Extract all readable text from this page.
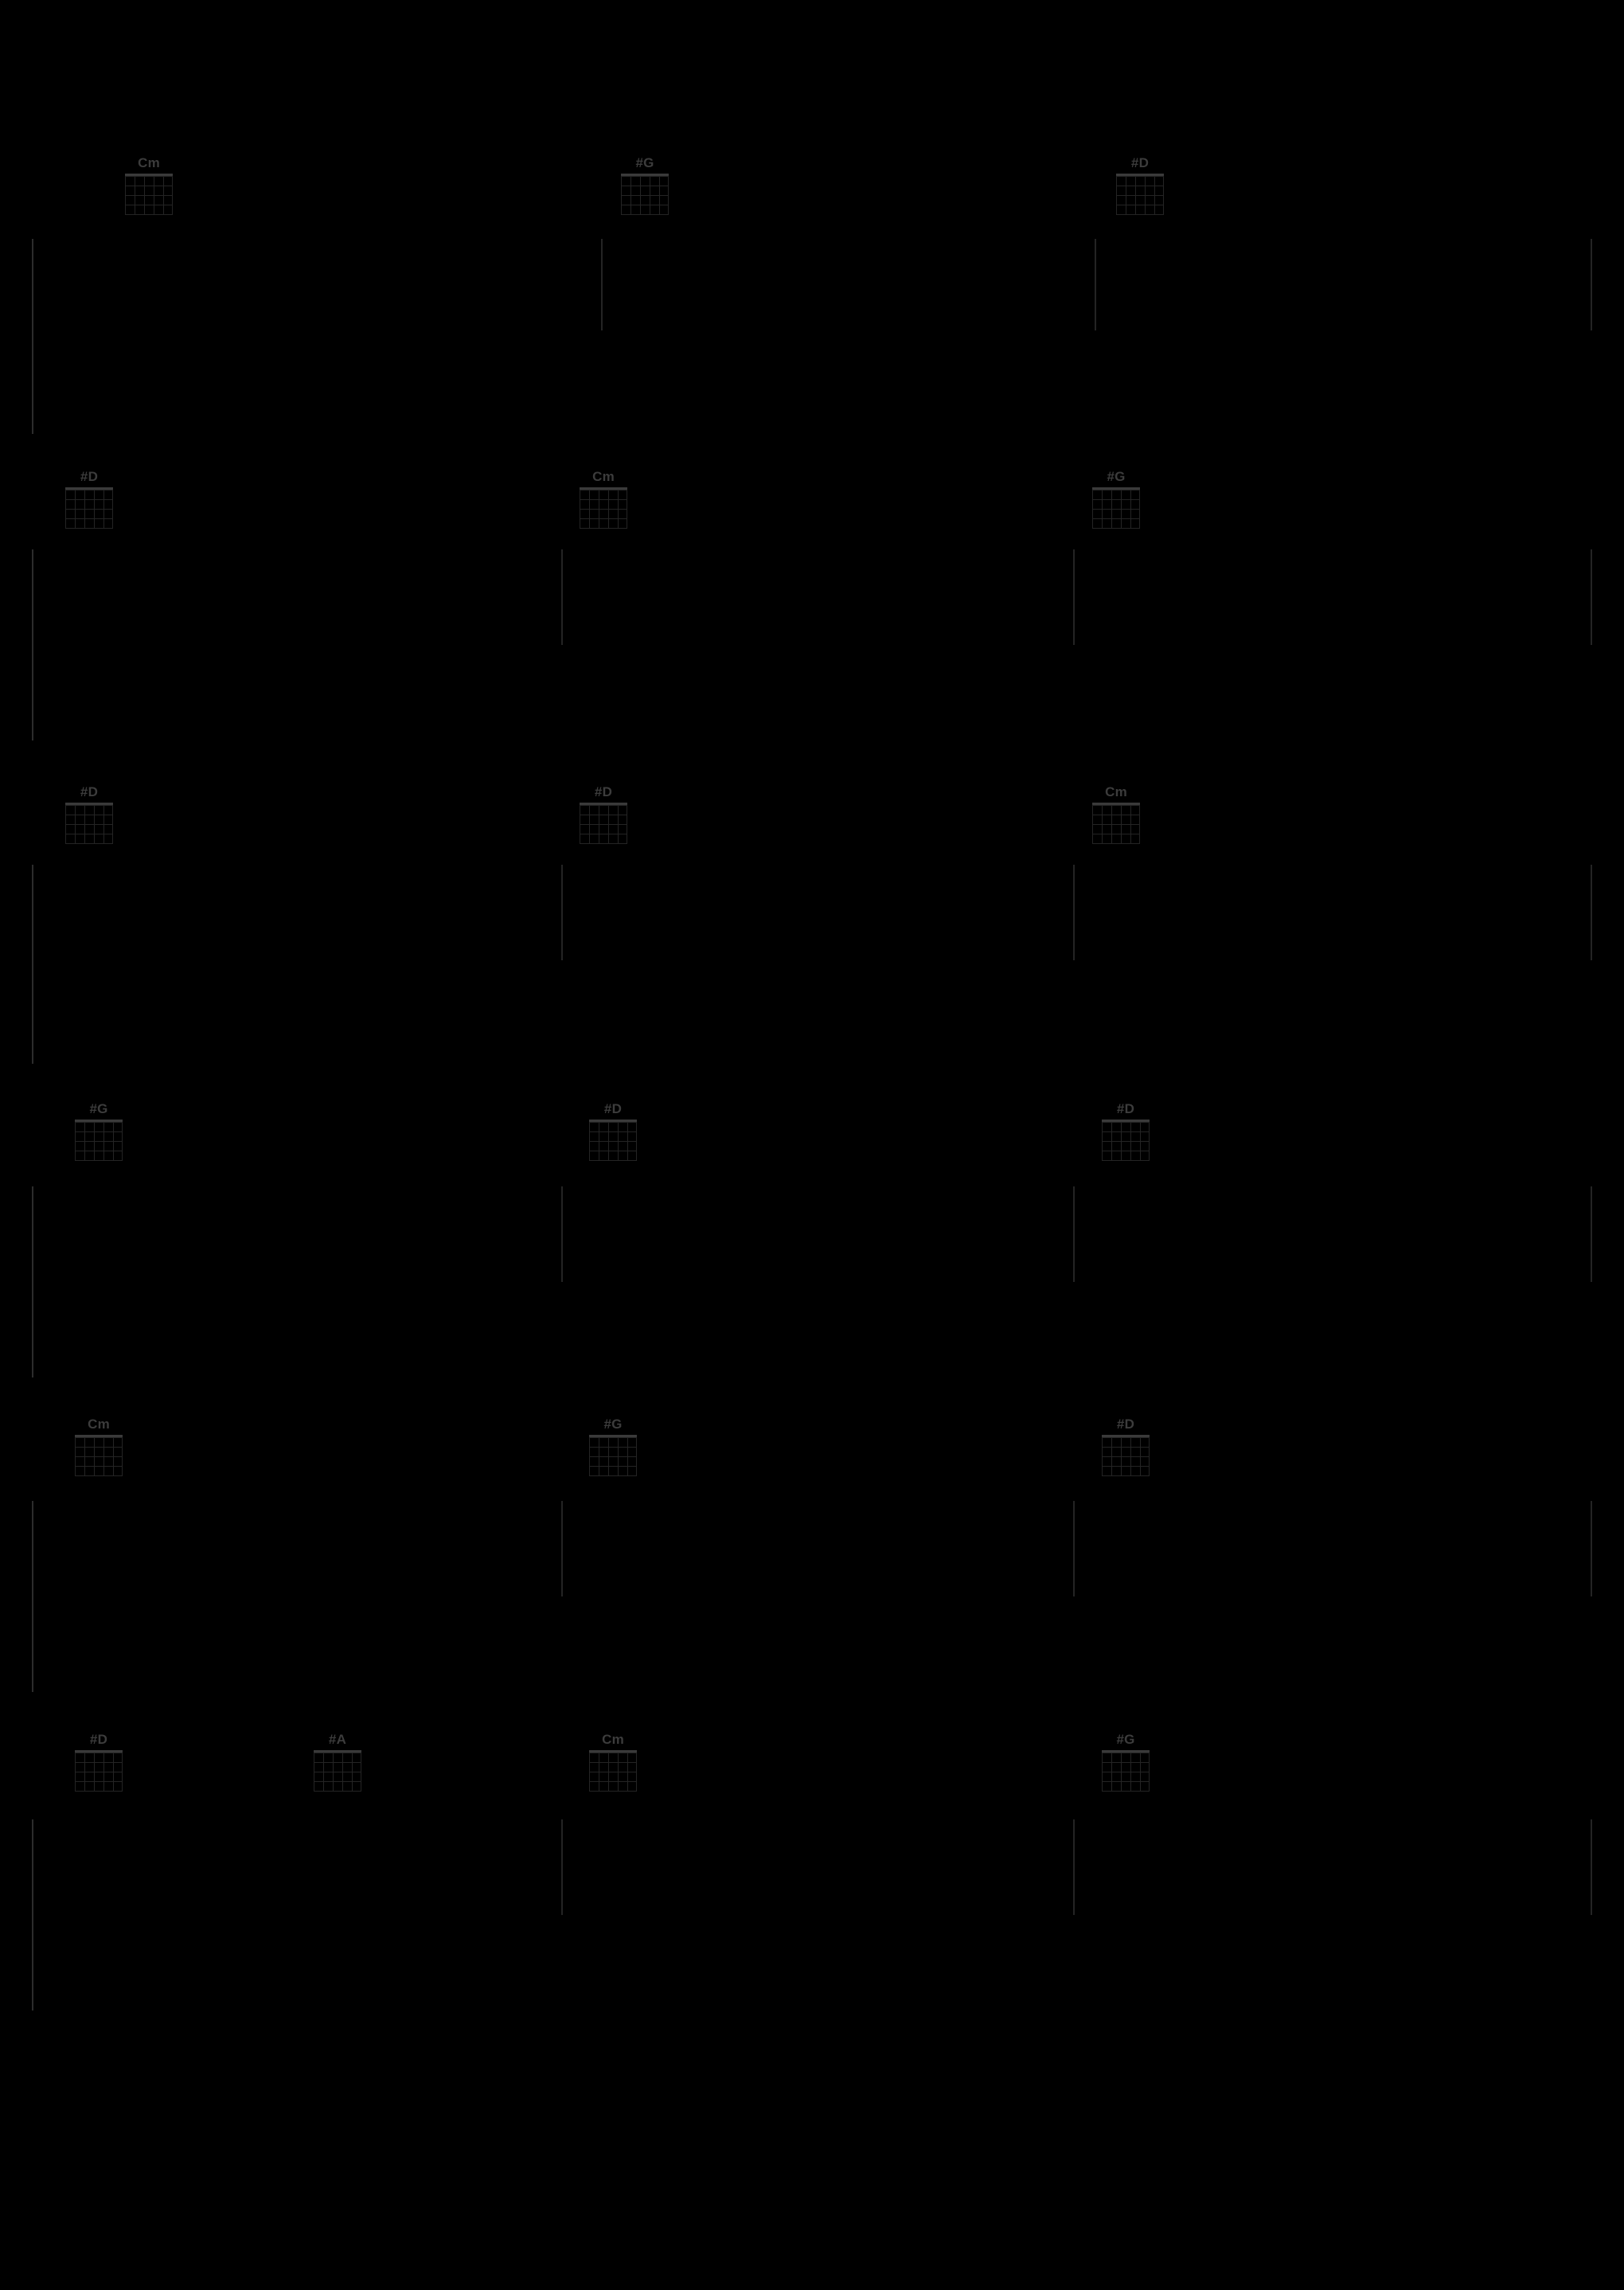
Cm	#G	#D
#D	Cm	#G
#D	#D	Cm
#G	#D	#D
Cm	#G	#D
#D	#A	Cm	#G
